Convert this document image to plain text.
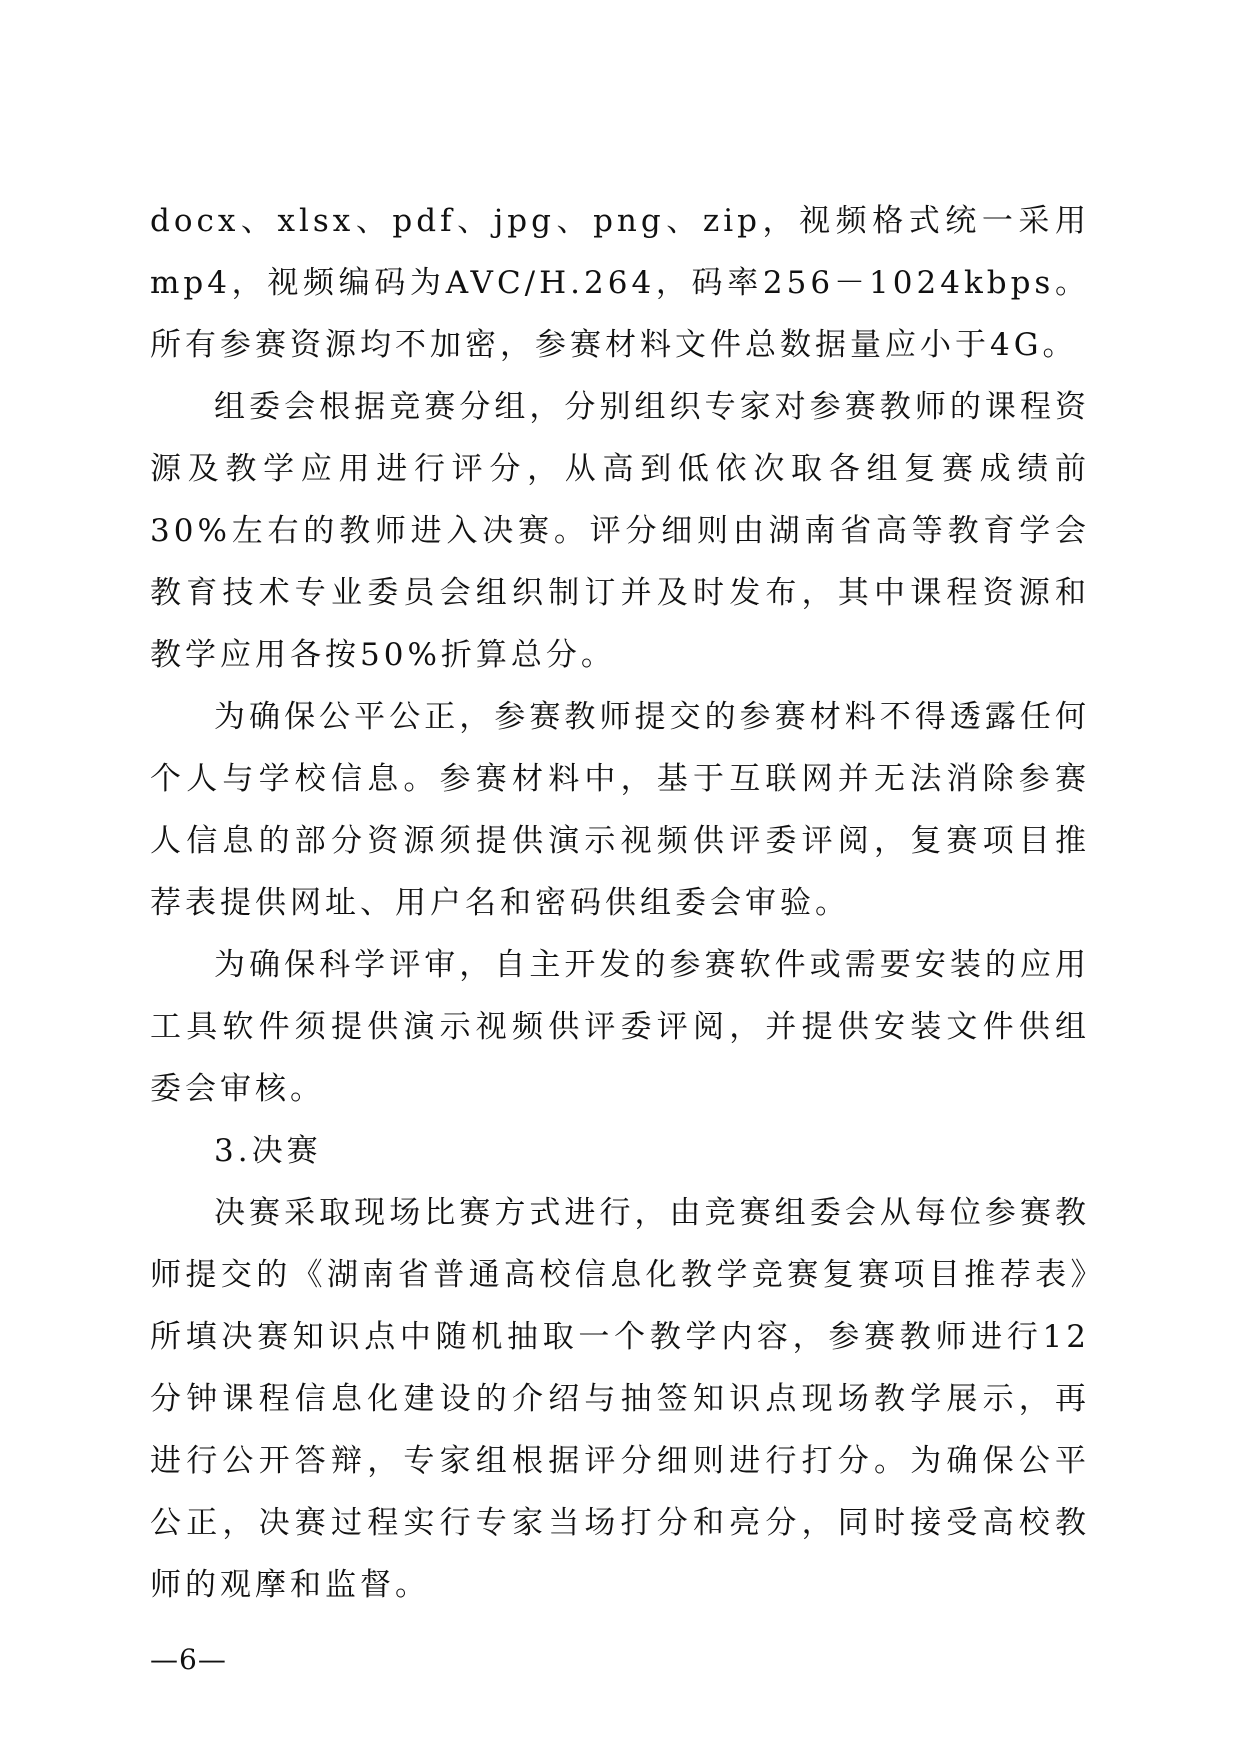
docx、xlsx、pdf、jpg、png、zip，视频格式统一采用mp4，视频编码为AVC/H.264，码率256－1024kbps。所有参赛资源均不加密，参赛材料文件总数据量应小于4G。

组委会根据竞赛分组，分别组织专家对参赛教师的课程资源及教学应用进行评分，从高到低依次取各组复赛成绩前30%左右的教师进入决赛。评分细则由湖南省高等教育学会教育技术专业委员会组织制订并及时发布，其中课程资源和教学应用各按50%折算总分。

为确保公平公正，参赛教师提交的参赛材料不得透露任何个人与学校信息。参赛材料中，基于互联网并无法消除参赛人信息的部分资源须提供演示视频供评委评阅，复赛项目推荐表提供网址、用户名和密码供组委会审验。

为确保科学评审，自主开发的参赛软件或需要安装的应用工具软件须提供演示视频供评委评阅，并提供安装文件供组委会审核。

3.决赛

决赛采取现场比赛方式进行，由竞赛组委会从每位参赛教师提交的《湖南省普通高校信息化教学竞赛复赛项目推荐表》所填决赛知识点中随机抽取一个教学内容，参赛教师进行12分钟课程信息化建设的介绍与抽签知识点现场教学展示，再进行公开答辩，专家组根据评分细则进行打分。为确保公平公正，决赛过程实行专家当场打分和亮分，同时接受高校教师的观摩和监督。

—6—
